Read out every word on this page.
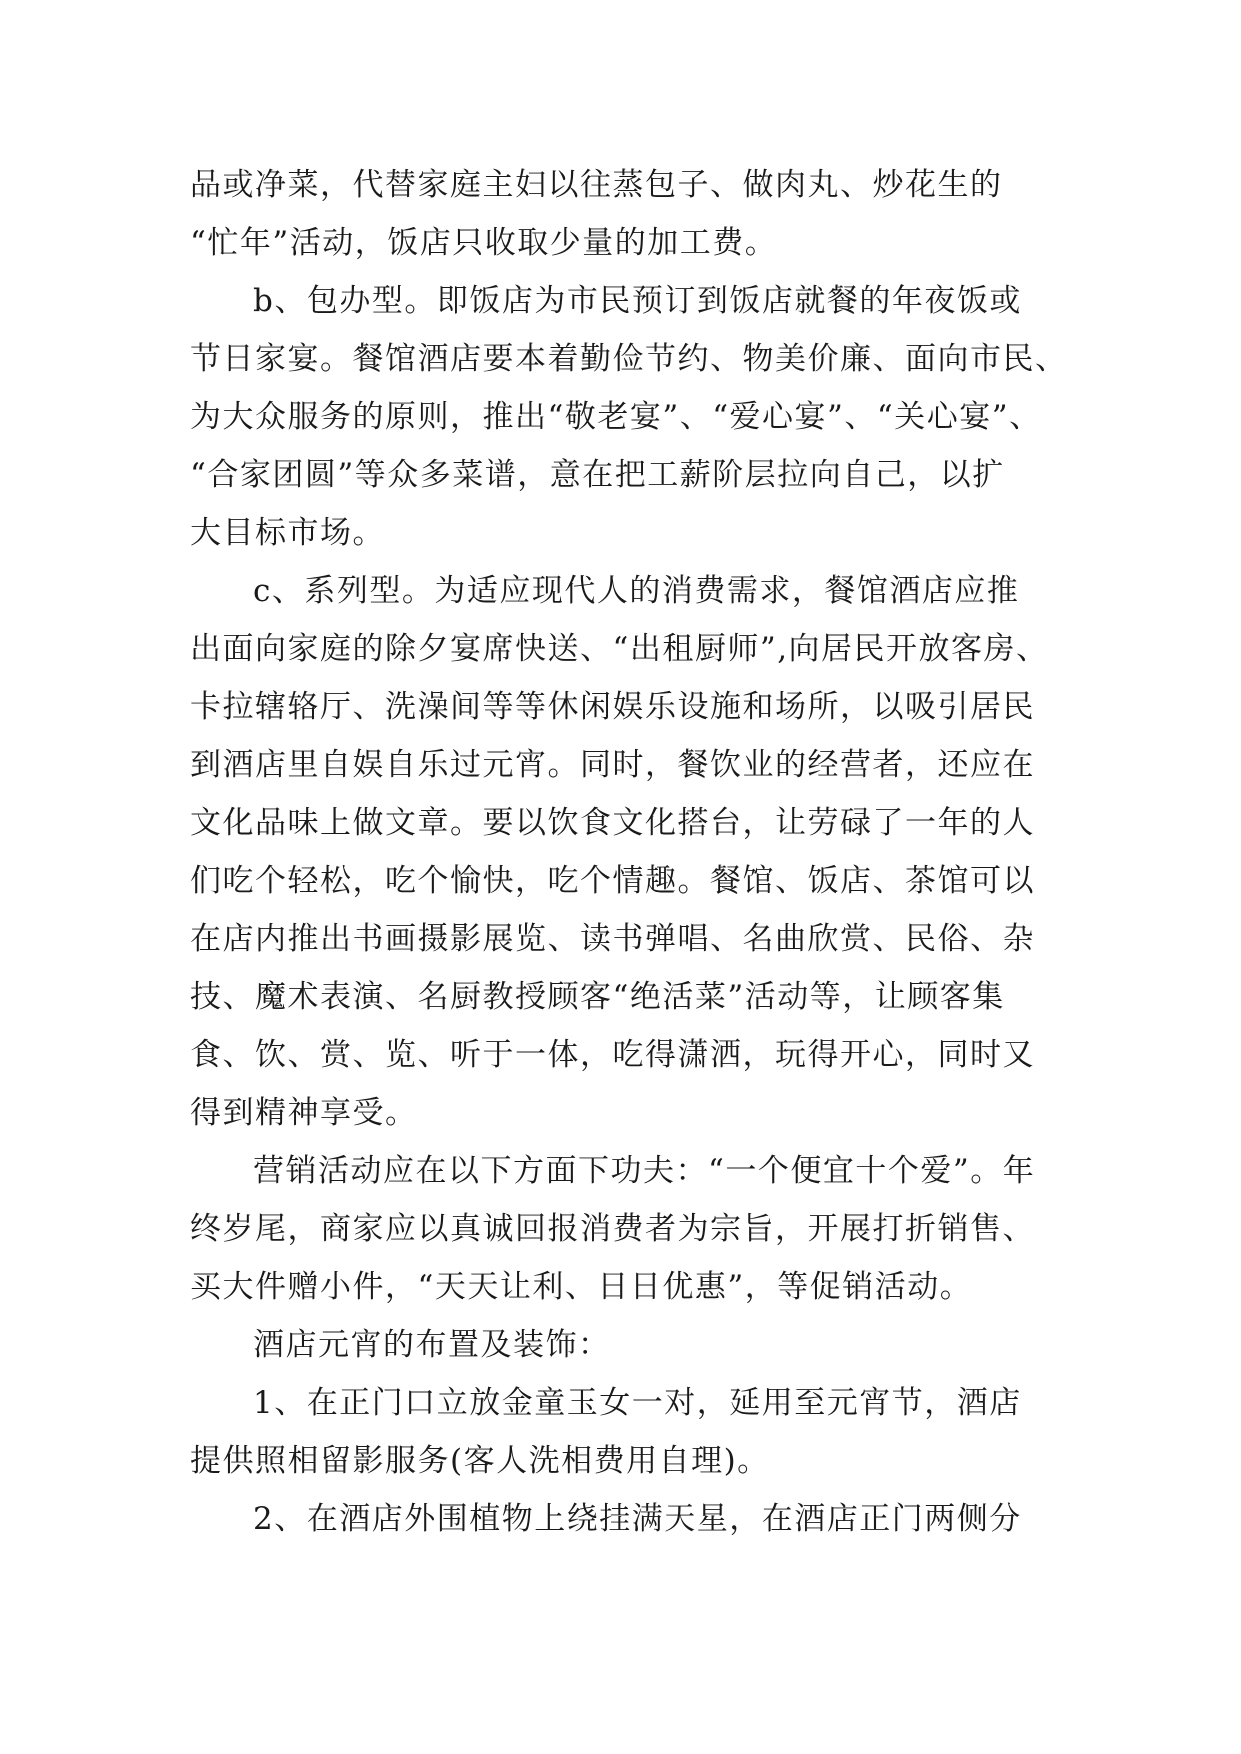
品或净菜，代替家庭主妇以往蒸包子、做肉丸、炒花生的
“忙年”活动，饭店只收取少量的加工费。
b、包办型。即饭店为市民预订到饭店就餐的年夜饭或
节日家宴。餐馆酒店要本着勤俭节约、物美价廉、面向市民、
为大众服务的原则，推出“敬老宴”、“爱心宴”、“关心宴”、
“合家团圆”等众多菜谱，意在把工薪阶层拉向自己，以扩
大目标市场。
c、系列型。为适应现代人的消费需求，餐馆酒店应推
出面向家庭的除夕宴席快送、“出租厨师”,向居民开放客房、
卡拉辖辂厅、洗澡间等等休闲娱乐设施和场所，以吸引居民
到酒店里自娱自乐过元宵。同时，餐饮业的经营者，还应在
文化品味上做文章。要以饮食文化搭台，让劳碌了一年的人
们吃个轻松，吃个愉快，吃个情趣。餐馆、饭店、茶馆可以
在店内推出书画摄影展览、读书弹唱、名曲欣赏、民俗、杂
技、魔术表演、名厨教授顾客“绝活菜”活动等，让顾客集
食、饮、赏、览、听于一体，吃得潇洒，玩得开心，同时又
得到精神享受。
营销活动应在以下方面下功夫：“一个便宜十个爱”。年
终岁尾，商家应以真诚回报消费者为宗旨，开展打折销售、
买大件赠小件，“天天让利、日日优惠”，等促销活动。
酒店元宵的布置及装饰：
1、在正门口立放金童玉女一对，延用至元宵节，酒店
提供照相留影服务(客人洗相费用自理)。
2、在酒店外围植物上绕挂满天星，在酒店正门两侧分
